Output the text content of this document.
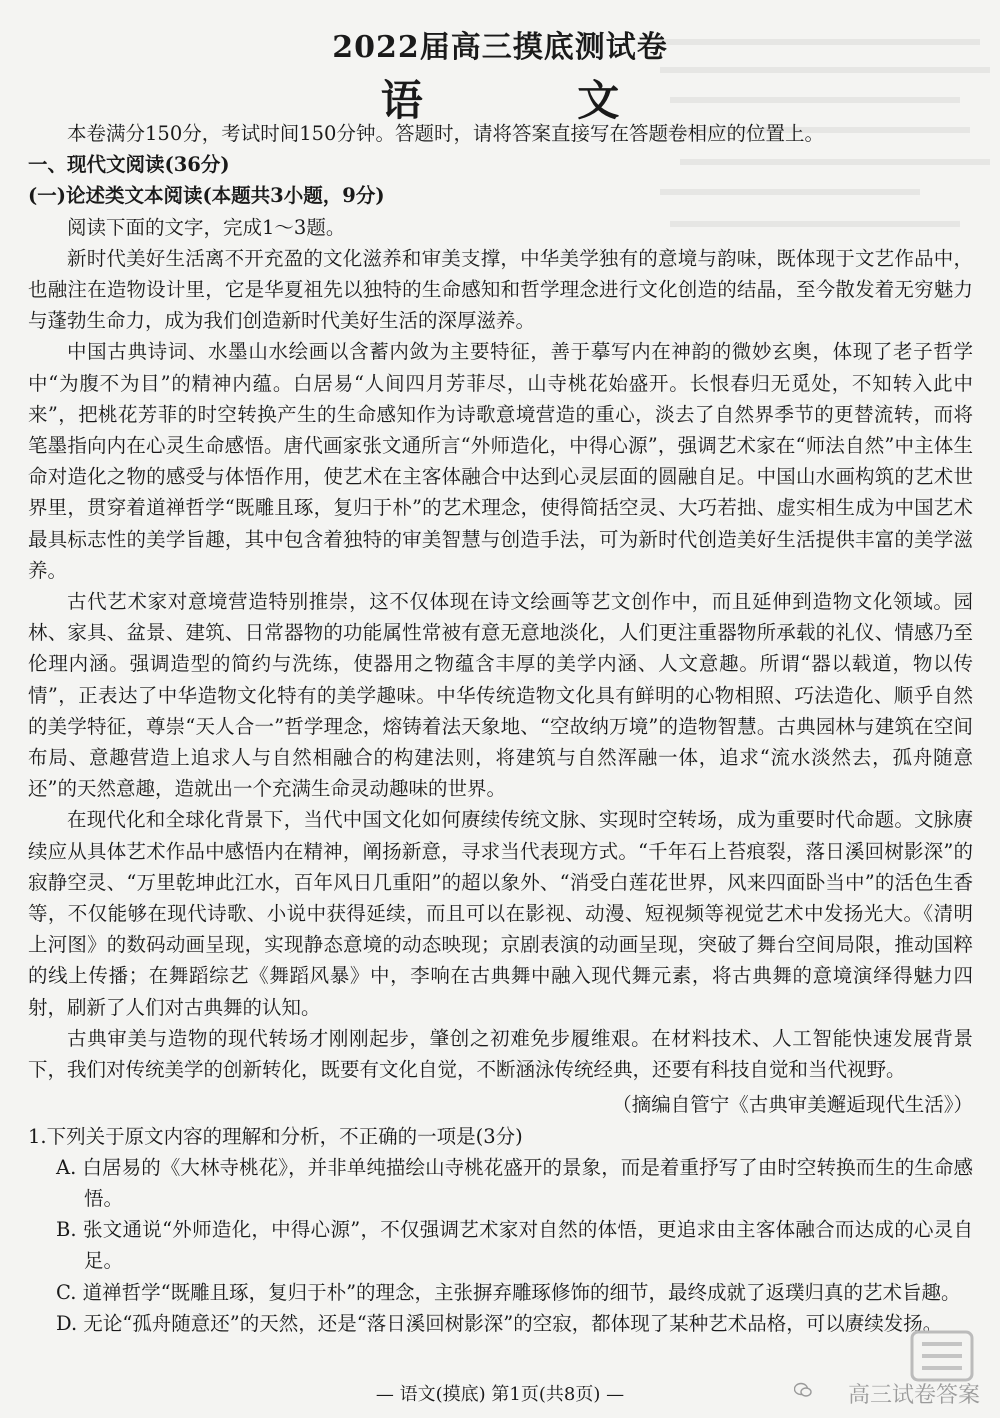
2022届高三摸底测试卷
语 文

本卷满分150分，考试时间150分钟。答题时，请将答案直接写在答题卷相应的位置上。

一、现代文阅读(36分)

(一)论述类文本阅读(本题共3小题，9分)

阅读下面的文字，完成1～3题。

新时代美好生活离不开充盈的文化滋养和审美支撑，中华美学独有的意境与韵味，既体现于文艺作品中，也融注在造物设计里，它是华夏祖先以独特的生命感知和哲学理念进行文化创造的结晶，至今散发着无穷魅力与蓬勃生命力，成为我们创造新时代美好生活的深厚滋养。

中国古典诗词、水墨山水绘画以含蓄内敛为主要特征，善于摹写内在神韵的微妙玄奥，体现了老子哲学中“为腹不为目”的精神内蕴。白居易“人间四月芳菲尽，山寺桃花始盛开。长恨春归无觅处，不知转入此中来”，把桃花芳菲的时空转换产生的生命感知作为诗歌意境营造的重心，淡去了自然界季节的更替流转，而将笔墨指向内在心灵生命感悟。唐代画家张文通所言“外师造化，中得心源”，强调艺术家在“师法自然”中主体生命对造化之物的感受与体悟作用，使艺术在主客体融合中达到心灵层面的圆融自足。中国山水画构筑的艺术世界里，贯穿着道禅哲学“既雕且琢，复归于朴”的艺术理念，使得简括空灵、大巧若拙、虚实相生成为中国艺术最具标志性的美学旨趣，其中包含着独特的审美智慧与创造手法，可为新时代创造美好生活提供丰富的美学滋养。

古代艺术家对意境营造特别推崇，这不仅体现在诗文绘画等艺文创作中，而且延伸到造物文化领域。园林、家具、盆景、建筑、日常器物的功能属性常被有意无意地淡化，人们更注重器物所承载的礼仪、情感乃至伦理内涵。强调造型的简约与洗练，使器用之物蕴含丰厚的美学内涵、人文意趣。所谓“器以载道，物以传情”，正表达了中华造物文化特有的美学趣味。中华传统造物文化具有鲜明的心物相照、巧法造化、顺乎自然的美学特征，尊崇“天人合一”哲学理念，熔铸着法天象地、“空故纳万境”的造物智慧。古典园林与建筑在空间布局、意趣营造上追求人与自然相融合的构建法则，将建筑与自然浑融一体，追求“流水淡然去，孤舟随意还”的天然意趣，造就出一个充满生命灵动趣味的世界。

在现代化和全球化背景下，当代中国文化如何赓续传统文脉、实现时空转场，成为重要时代命题。文脉赓续应从具体艺术作品中感悟内在精神，阐扬新意，寻求当代表现方式。“千年石上苔痕裂，落日溪回树影深”的寂静空灵、“万里乾坤此江水，百年风日几重阳”的超以象外、“消受白莲花世界，风来四面卧当中”的活色生香等，不仅能够在现代诗歌、小说中获得延续，而且可以在影视、动漫、短视频等视觉艺术中发扬光大。《清明上河图》的数码动画呈现，实现静态意境的动态映现；京剧表演的动画呈现，突破了舞台空间局限，推动国粹的线上传播；在舞蹈综艺《舞蹈风暴》中，李响在古典舞中融入现代舞元素，将古典舞的意境演绎得魅力四射，刷新了人们对古典舞的认知。

古典审美与造物的现代转场才刚刚起步，肇创之初难免步履维艰。在材料技术、人工智能快速发展背景下，我们对传统美学的创新转化，既要有文化自觉，不断涵泳传统经典，还要有科技自觉和当代视野。

（摘编自管宁《古典审美邂逅现代生活》）

1.下列关于原文内容的理解和分析，不正确的一项是(3分)

A. 白居易的《大林寺桃花》，并非单纯描绘山寺桃花盛开的景象，而是着重抒写了由时空转换而生的生命感悟。

B. 张文通说“外师造化，中得心源”，不仅强调艺术家对自然的体悟，更追求由主客体融合而达成的心灵自足。

C. 道禅哲学“既雕且琢，复归于朴”的理念，主张摒弃雕琢修饰的细节，最终成就了返璞归真的艺术旨趣。

D. 无论“孤舟随意还”的天然，还是“落日溪回树影深”的空寂，都体现了某种艺术品格，可以赓续发扬。

— 语文(摸底) 第1页(共8页) —	高三试卷答案
